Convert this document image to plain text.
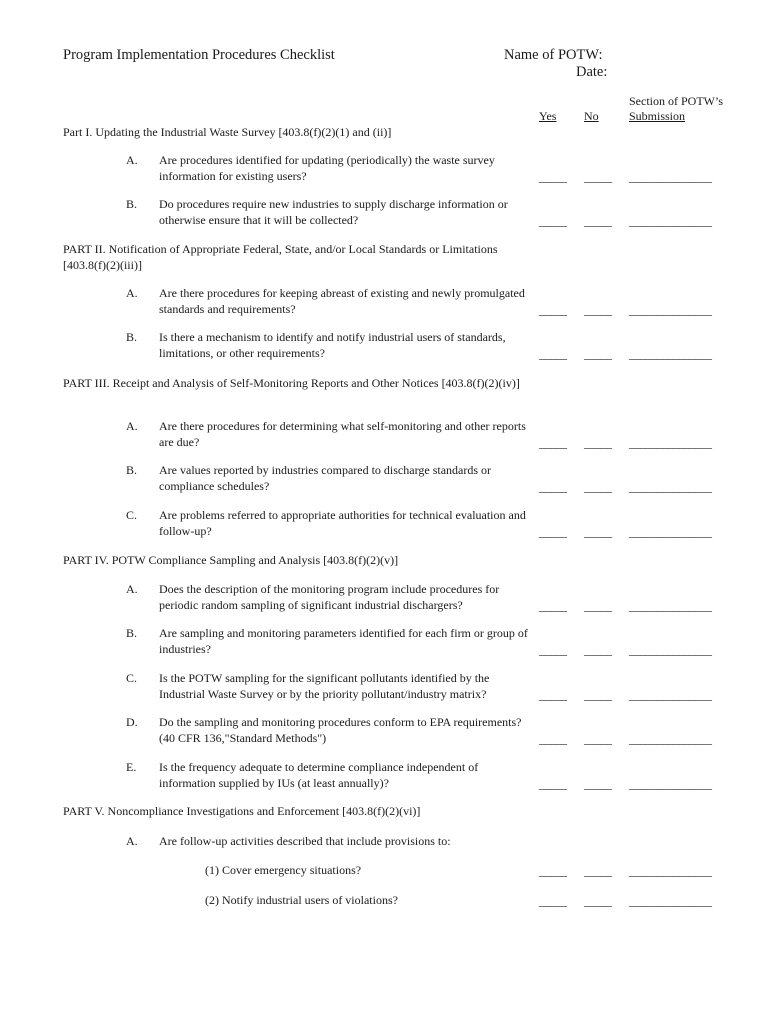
Program Implementation Procedures Checklist	Name of POTW:
Date:
Yes No
Section of POTW’s
Submission
Part I. Updating the Industrial Waste Survey [403.8(f)(2)(1) and (ii)]
A. Are procedures identified for updating (periodically) the waste survey information for existing users?	_____ _____ _______________
B. Do procedures require new industries to supply discharge information or otherwise ensure that it will be collected?	_____ _____ _______________
PART II. Notification of Appropriate Federal, State, and/or Local Standards or Limitations [403.8(f)(2)(iii)]
A. Are there procedures for keeping abreast of existing and newly promulgated standards and requirements?	_____ _____ _______________
B. Is there a mechanism to identify and notify industrial users of standards, limitations, or other requirements?	_____ _____ _______________
PART III. Receipt and Analysis of Self-Monitoring Reports and Other Notices [403.8(f)(2)(iv)]
A. Are there procedures for determining what self-monitoring and other reports are due?	_____ _____ _______________
B. Are values reported by industries compared to discharge standards or compliance schedules?	_____ _____ _______________
C. Are problems referred to appropriate authorities for technical evaluation and follow-up?	_____ _____ _______________
PART IV. POTW Compliance Sampling and Analysis [403.8(f)(2)(v)]
A. Does the description of the monitoring program include procedures for periodic random sampling of significant industrial dischargers?	_____ _____ _______________
B. Are sampling and monitoring parameters identified for each firm or group of industries?	_____ _____ _______________
C. Is the POTW sampling for the significant pollutants identified by the Industrial Waste Survey or by the priority pollutant/industry matrix?	_____ _____ _______________
D. Do the sampling and monitoring procedures conform to EPA requirements? (40 CFR 136,"Standard Methods")	_____ _____ _______________
E. Is the frequency adequate to determine compliance independent of information supplied by IUs (at least annually)?	_____ _____ _______________
PART V. Noncompliance Investigations and Enforcement [403.8(f)(2)(vi)]
A. Are follow-up activities described that include provisions to:
(1) Cover emergency situations?	_____ _____ _______________
(2) Notify industrial users of violations?	_____ _____ _______________
